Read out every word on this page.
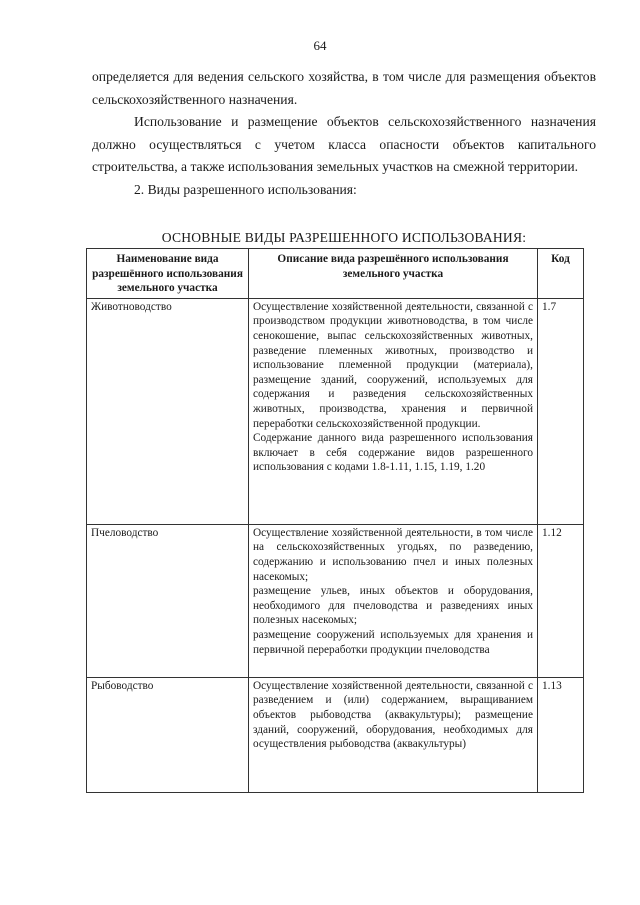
64

определяется для ведения сельского хозяйства, в том числе для размещения объектов сельскохозяйственного назначения.

Использование и размещение объектов сельскохозяйственного назначения должно осуществляться с учетом класса опасности объектов капитального строительства, а также использования земельных участков на смежной территории.

2. Виды разрешенного использования:

ОСНОВНЫЕ ВИДЫ РАЗРЕШЕННОГО ИСПОЛЬЗОВАНИЯ:
Наименование вида разрешённого использования земельного участка	Описание вида разрешённого использования земельного участка	Код
Животноводство	Осуществление хозяйственной деятельности, связанной с производством продукции животноводства, в том числе сенокошение, выпас сельскохозяйственных животных, разведение племенных животных, производство и использование племенной продукции (материала), размещение зданий, сооружений, используемых для содержания и разведения сельскохозяйственных животных, производства, хранения и первичной переработки сельскохозяйственной продукции.
Содержание данного вида разрешенного использования включает в себя содержание видов разрешенного использования с кодами 1.8-1.11, 1.15, 1.19, 1.20	1.7
Пчеловодство	Осуществление хозяйственной деятельности, в том числе на сельскохозяйственных угодьях, по разведению, содержанию и использованию пчел и иных полезных насекомых;
размещение ульев, иных объектов и оборудования, необходимого для пчеловодства и разведениях иных полезных насекомых;
размещение сооружений используемых для хранения и первичной переработки продукции пчеловодства	1.12
Рыбоводство	Осуществление хозяйственной деятельности, связанной с разведением и (или) содержанием, выращиванием объектов рыбоводства (аквакультуры); размещение зданий, сооружений, оборудования, необходимых для осуществления рыбоводства (аквакультуры)	1.13
